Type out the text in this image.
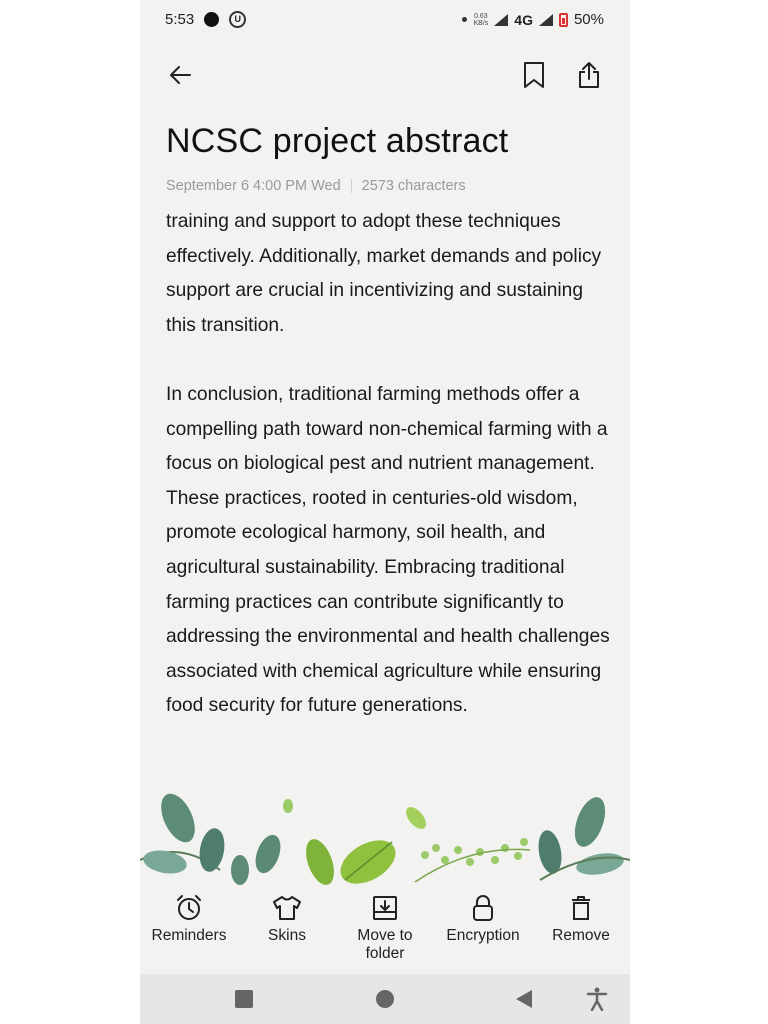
5:53	U	0.63
KB/s 4G	50%
NCSC project abstract
September 6 4:00 PM Wed 2573 characters

training and support to adopt these techniques effectively. Additionally, market demands and policy support are crucial in incentivizing and sustaining this transition.

In conclusion, traditional farming methods offer a compelling path toward non-chemical farming with a focus on biological pest and nutrient management. These practices, rooted in centuries-old wisdom, promote ecological harmony, soil health, and agricultural sustainability. Embracing traditional farming practices can contribute significantly to addressing the environmental and health challenges associated with chemical agriculture while ensuring food security for future generations.

Reminders	Skins	Move to folder
Encryption Remove
